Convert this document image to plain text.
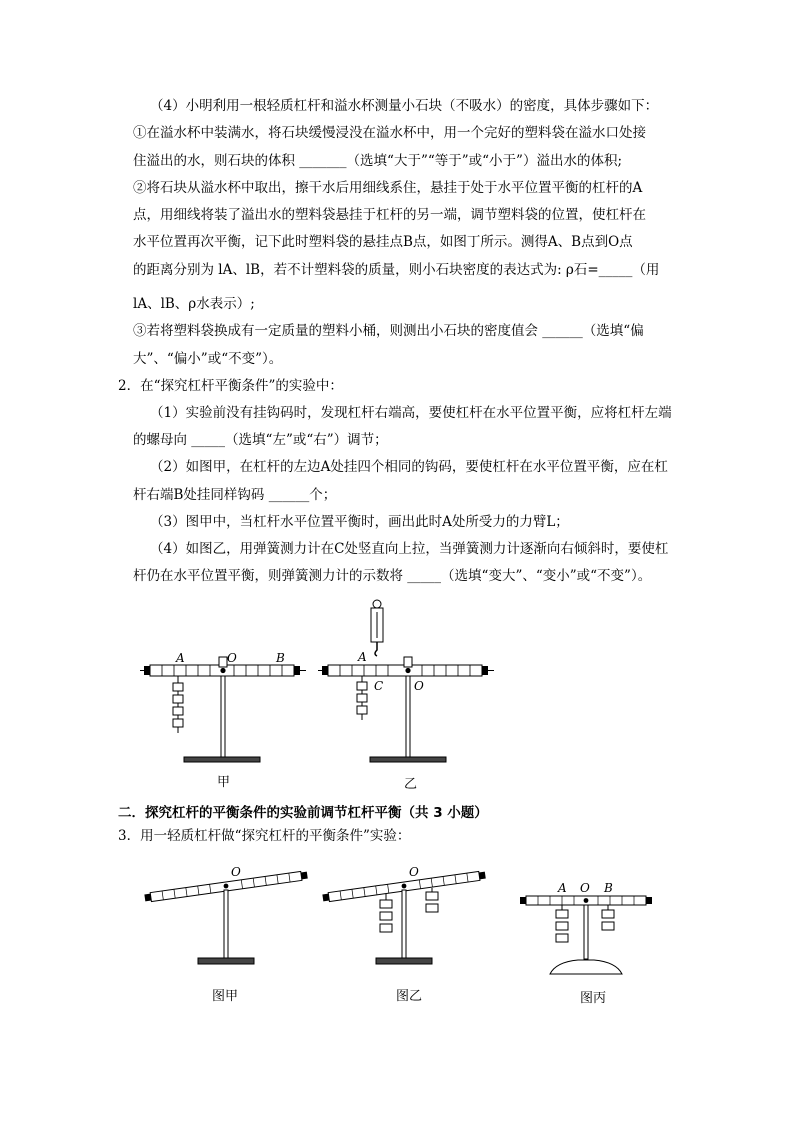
（4）小明利用一根轻质杠杆和溢水杯测量小石块（不吸水）的密度，具体步骤如下：
①在溢水杯中装满水，将石块缓慢浸没在溢水杯中，用一个完好的塑料袋在溢水口处接
住溢出的水，则石块的体积 _______（选填“大于”“等于”或“小于”）溢出水的体积;
②将石块从溢水杯中取出，擦干水后用细线系住，悬挂于处于水平位置平衡的杠杆的A
点，用细线将装了溢出水的塑料袋悬挂于杠杆的另一端，调节塑料袋的位置，使杠杆在
水平位置再次平衡，记下此时塑料袋的悬挂点B点，如图丁所示。测得A、B点到O点
的距离分别为 lA、lB，若不计塑料袋的质量，则小石块密度的表达式为: ρ石=_____（用
lA、lB、ρ水表示）;
③若将塑料袋换成有一定质量的塑料小桶，则测出小石块的密度值会 ______（选填“偏
大”、“偏小”或“不变”）。
2．在“探究杠杆平衡条件”的实验中：
（1）实验前没有挂钩码时，发现杠杆右端高，要使杠杆在水平位置平衡，应将杠杆左端
的螺母向 _____（选填“左”或“右”）调节；
（2）如图甲，在杠杆的左边A处挂四个相同的钩码，要使杠杆在水平位置平衡，应在杠
杆右端B处挂同样钩码 ______个；
（3）图甲中，当杠杆水平位置平衡时，画出此时A处所受力的力臂L；
（4）如图乙，用弹簧测力计在C处竖直向上拉，当弹簧测力计逐渐向右倾斜时，要使杠
杆仍在水平位置平衡，则弹簧测力计的示数将 _____（选填“变大”、“变小”或“不变”）。
A	O	B
甲
A
C	O
乙
二．探究杠杆的平衡条件的实验前调节杠杆平衡（共 3 小题）
3．用一轻质杠杆做“探究杠杆的平衡条件”实验：
O
图甲
O
图乙
A O B
图丙
